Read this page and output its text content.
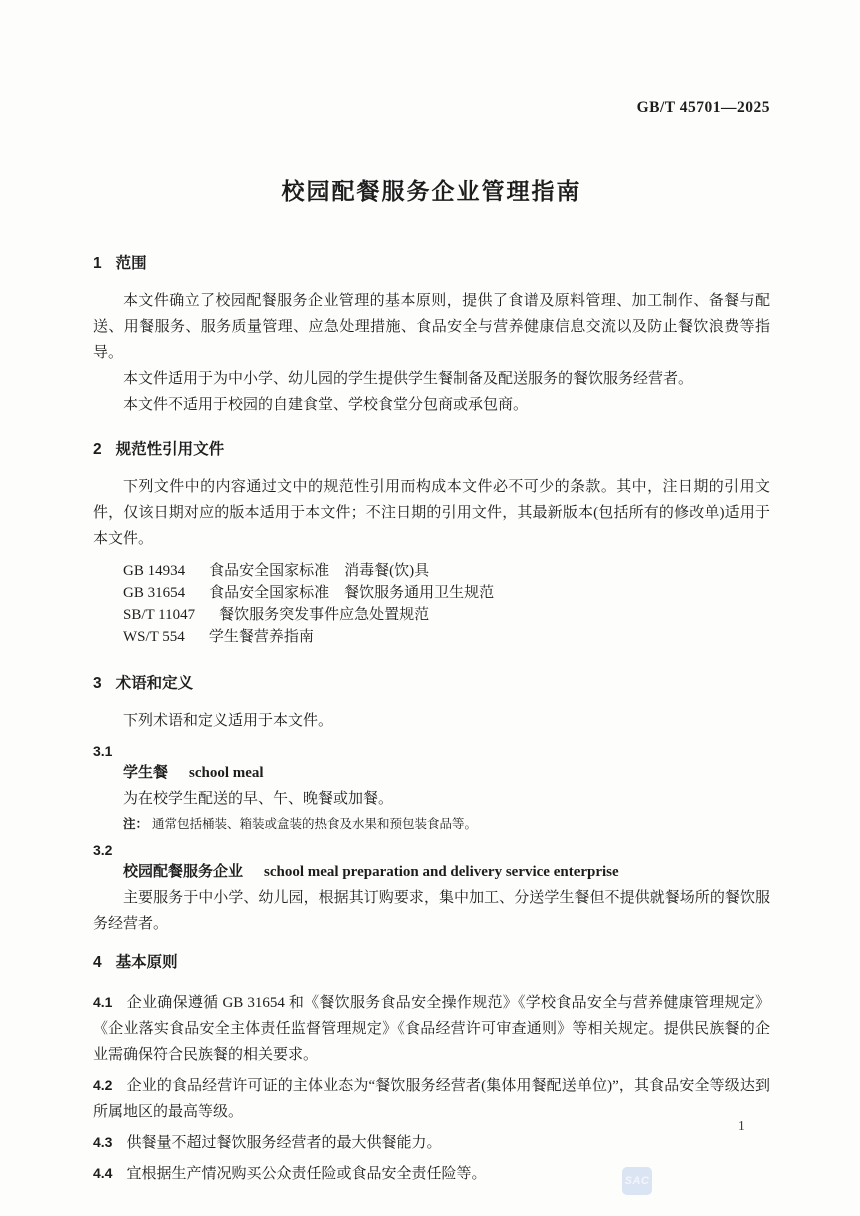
GB/T 45701—2025
校园配餐服务企业管理指南
1 范围

本文件确立了校园配餐服务企业管理的基本原则，提供了食谱及原料管理、加工制作、备餐与配送、用餐服务、服务质量管理、应急处理措施、食品安全与营养健康信息交流以及防止餐饮浪费等指导。

本文件适用于为中小学、幼儿园的学生提供学生餐制备及配送服务的餐饮服务经营者。

本文件不适用于校园的自建食堂、学校食堂分包商或承包商。

2 规范性引用文件

下列文件中的内容通过文中的规范性引用而构成本文件必不可少的条款。其中，注日期的引用文件，仅该日期对应的版本适用于本文件；不注日期的引用文件，其最新版本(包括所有的修改单)适用于本文件。

GB 14934 食品安全国家标准　消毒餐(饮)具
GB 31654 食品安全国家标准　餐饮服务通用卫生规范
SB/T 11047 餐饮服务突发事件应急处置规范
WS/T 554 学生餐营养指南
3 术语和定义

下列术语和定义适用于本文件。

3.1
学生餐 school meal

为在校学生配送的早、午、晚餐或加餐。

注： 通常包括桶装、箱装或盒装的热食及水果和预包装食品等。

3.2
校园配餐服务企业 school meal preparation and delivery service enterprise

主要服务于中小学、幼儿园，根据其订购要求，集中加工、分送学生餐但不提供就餐场所的餐饮服务经营者。

4 基本原则

4.1 企业确保遵循 GB 31654 和《餐饮服务食品安全操作规范》《学校食品安全与营养健康管理规定》《企业落实食品安全主体责任监督管理规定》《食品经营许可审查通则》等相关规定。提供民族餐的企业需确保符合民族餐的相关要求。

4.2 企业的食品经营许可证的主体业态为“餐饮服务经营者(集体用餐配送单位)”，其食品安全等级达到所属地区的最高等级。

4.3 供餐量不超过餐饮服务经营者的最大供餐能力。

4.4 宜根据生产情况购买公众责任险或食品安全责任险等。

1
SAC
